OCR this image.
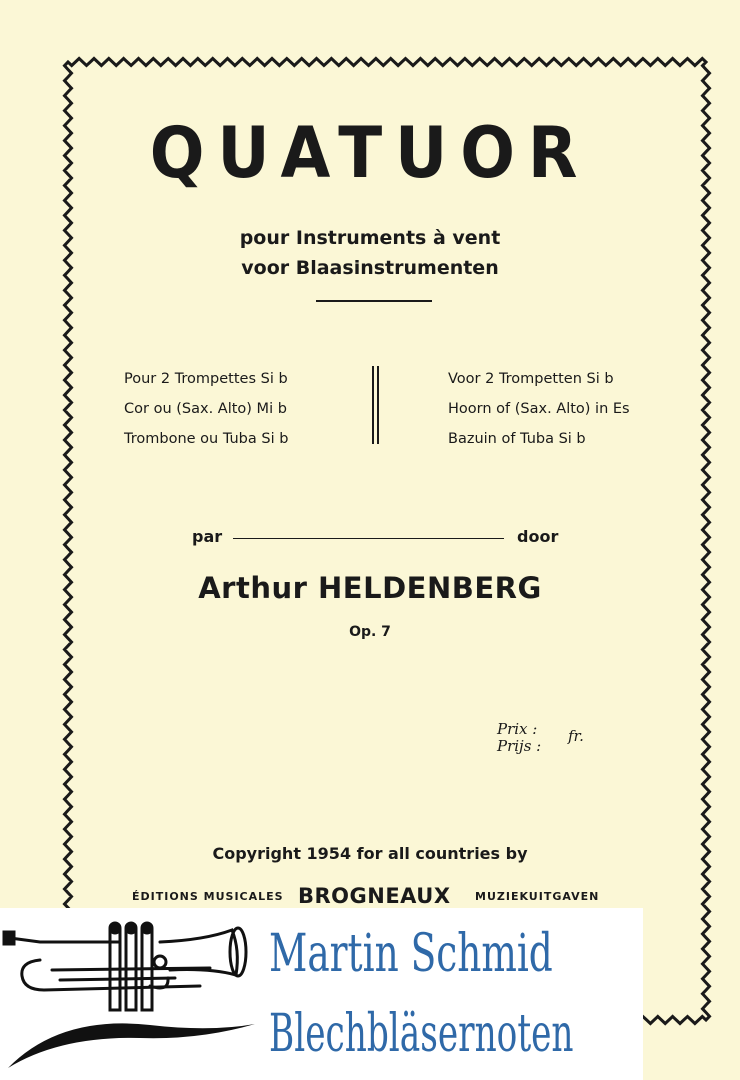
QUATUOR
pour Instruments à vent
voor Blaasinstrumenten
Pour 2 Trompettes Si b
Cor ou (Sax. Alto) Mi b
Trombone ou Tuba Si b
Voor 2 Trompetten Si b
Hoorn of (Sax. Alto) in Es
Bazuin of Tuba Si b
par	door
Arthur HELDENBERG
Op. 7
Prix :
Prijs :
fr.
Copyright 1954 for all countries by
ÉDITIONS MUSICALES BROGNEAUX MUZIEKUITGAVEN
Martin Schmid
Blechbläsernoten
